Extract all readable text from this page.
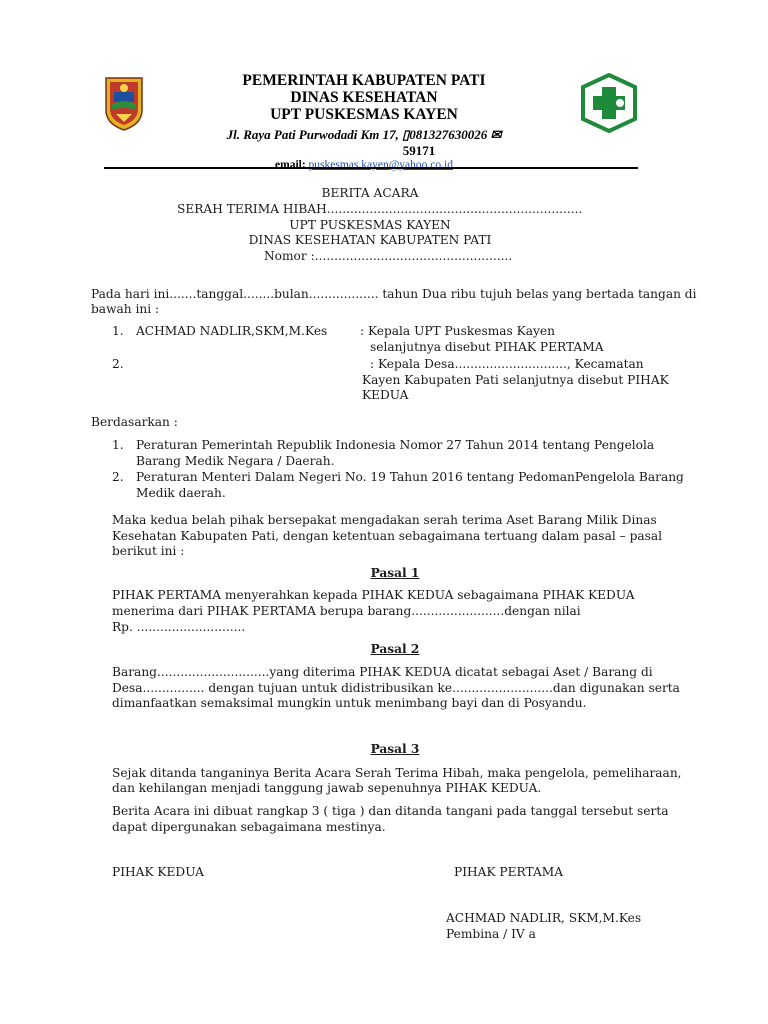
PEMERINTAH KABUPATEN PATI
DINAS KESEHATAN
UPT PUSKESMAS KAYEN
Jl. Raya Pati Purwodadi Km 17, ▯081327630026 ✉
59171
email: puskesmas.kayen@yahoo.co.id
BERITA ACARA
SERAH TERIMA HIBAH..................................................................
UPT PUSKESMAS KAYEN
DINAS KESEHATAN KABUPATEN PATI
Nomor :...................................................
Pada hari ini.......tanggal........bulan.................. tahun Dua ribu tujuh belas yang bertada tangan di
bawah ini :
1. ACHMAD NADLIR,SKM,M.Kes	: Kepala UPT Puskesmas Kayen
selanjutnya disebut PIHAK PERTAMA
2.	: Kepala Desa............................., Kecamatan
Kayen Kabupaten Pati selanjutnya disebut PIHAK
KEDUA
Berdasarkan :
1. Peraturan Pemerintah Republik Indonesia Nomor 27 Tahun 2014 tentang Pengelola
Barang Medik Negara / Daerah.
2. Peraturan Menteri Dalam Negeri No. 19 Tahun 2016 tentang PedomanPengelola Barang
Medik daerah.
Maka kedua belah pihak bersepakat mengadakan serah terima Aset Barang Milik Dinas
Kesehatan Kabupaten Pati, dengan ketentuan sebagaimana tertuang dalam pasal – pasal
berikut ini :
Pasal 1
PIHAK PERTAMA menyerahkan kepada PIHAK KEDUA sebagaimana PIHAK KEDUA
menerima dari PIHAK PERTAMA berupa barang........................dengan nilai
Rp. ............................
Pasal 2
Barang.............................yang diterima PIHAK KEDUA dicatat sebagai Aset / Barang di
Desa................ dengan tujuan untuk didistribusikan ke..........................dan digunakan serta
dimanfaatkan semaksimal mungkin untuk menimbang bayi dan di Posyandu.
Pasal 3
Sejak ditanda tanganinya Berita Acara Serah Terima Hibah, maka pengelola, pemeliharaan,
dan kehilangan menjadi tanggung jawab sepenuhnya PIHAK KEDUA.
Berita Acara ini dibuat rangkap 3 ( tiga ) dan ditanda tangani pada tanggal tersebut serta
dapat dipergunakan sebagaimana mestinya.
PIHAK KEDUA	PIHAK PERTAMA
ACHMAD NADLIR, SKM,M.Kes
Pembina / IV a
